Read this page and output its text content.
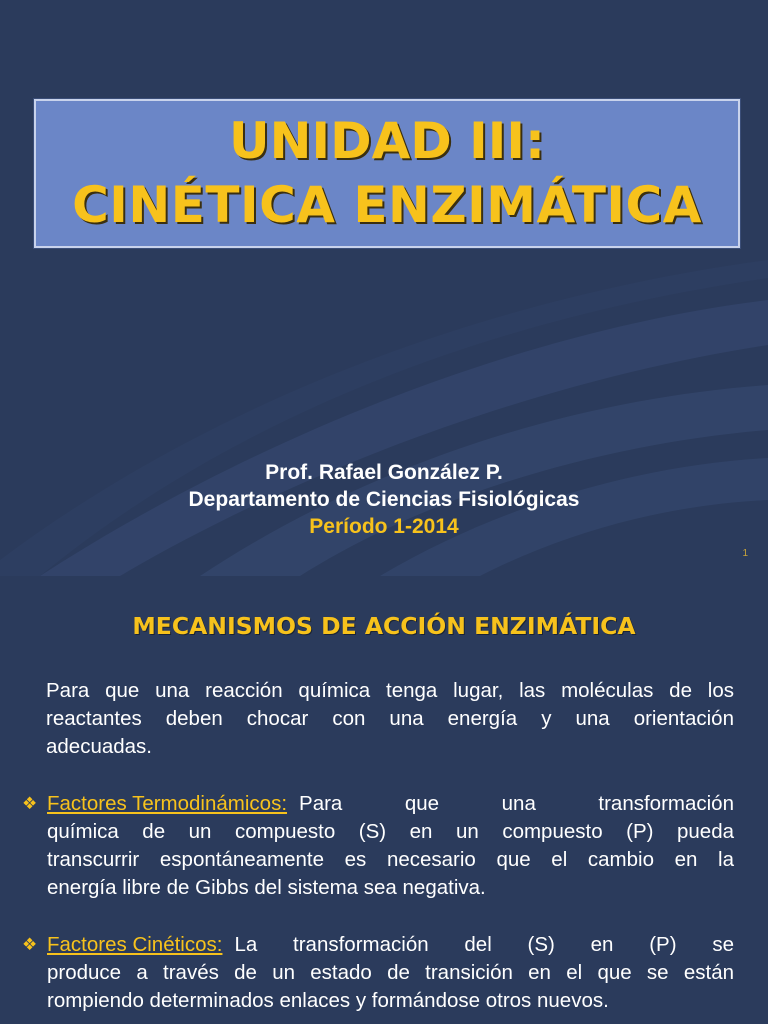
UNIDAD III:
CINÉTICA ENZIMÁTICA
Prof. Rafael González P.
Departamento de Ciencias Fisiológicas
Período 1-2014
1
MECANISMOS DE ACCIÓN ENZIMÁTICA
Para que una reacción química tenga lugar, las moléculas de los
reactantes deben chocar con una energía y una orientación
adecuadas.
❖ Factores Termodinámicos: Para que una transformación
química de un compuesto (S) en un compuesto (P) pueda
transcurrir espontáneamente es necesario que el cambio en la
energía libre de Gibbs del sistema sea negativa.
❖ Factores Cinéticos: La transformación del (S) en (P) se
produce a través de un estado de transición en el que se están
rompiendo determinados enlaces y formándose otros nuevos.
